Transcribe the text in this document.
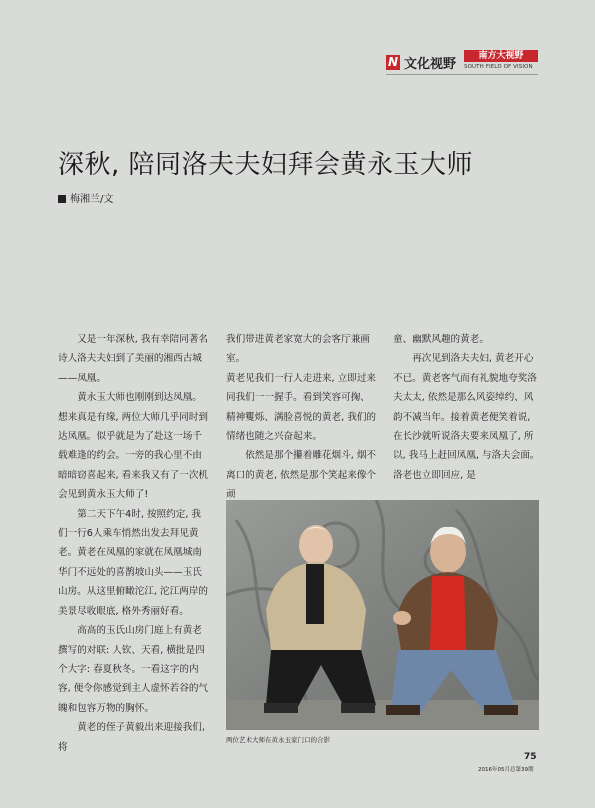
N 文化视野
南方大视野
SOUTH FIELD OF VISION
深秋, 陪同洛夫夫妇拜会黄永玉大师
梅湘兰/文

又是一年深秋, 我有幸陪同著名诗人洛夫夫妇到了美丽的湘西古城——凤凰。

黄永玉大师也刚刚到达凤凰。想来真是有缘, 两位大师几乎同时到达凤凰。似乎就是为了赴这一场千载难逢的约会。一旁的我心里不由暗暗窃喜起来, 看来我又有了一次机会见到黄永玉大师了!

第二天下午4时, 按照约定, 我们一行6人乘车悄然出发去拜见黄老。黄老在凤凰的家就在凤凰城南华门不远处的喜鹊坡山头——玉氏山房。从这里俯瞰沱江, 沱江两岸的美景尽收眼底, 格外秀丽好看。

高高的玉氏山房门庭上有黄老撰写的对联: 人钦、天看, 横批是四个大字: 春夏秋冬。一看这字的内容, 便令你感觉到主人虚怀若谷的气魄和包容万物的胸怀。

黄老的侄子黄毅出来迎接我们, 将

我们带进黄老家宽大的会客厅兼画室。

黄老见我们一行人走进来, 立即过来同我们一一握手。看到笑容可掬、精神矍烁、满脸喜悦的黄老, 我们的情绪也随之兴奋起来。

依然是那个攥着雕花烟斗, 烟不离口的黄老, 依然是那个笑起来像个顽

童、幽默风趣的黄老。

再次见到洛夫夫妇, 黄老开心不已。黄老客气而有礼貌地夸奖洛夫太太, 依然是那么风姿绰约、风韵不减当年。接着黄老便笑着说, 在长沙就听说洛夫要来凤凰了, 所以, 我马上赶回凤凰, 与洛夫会面。洛老也立即回应, 是

两位艺术大师在黄永玉家门口的合影
75
2016年05月总第39期
